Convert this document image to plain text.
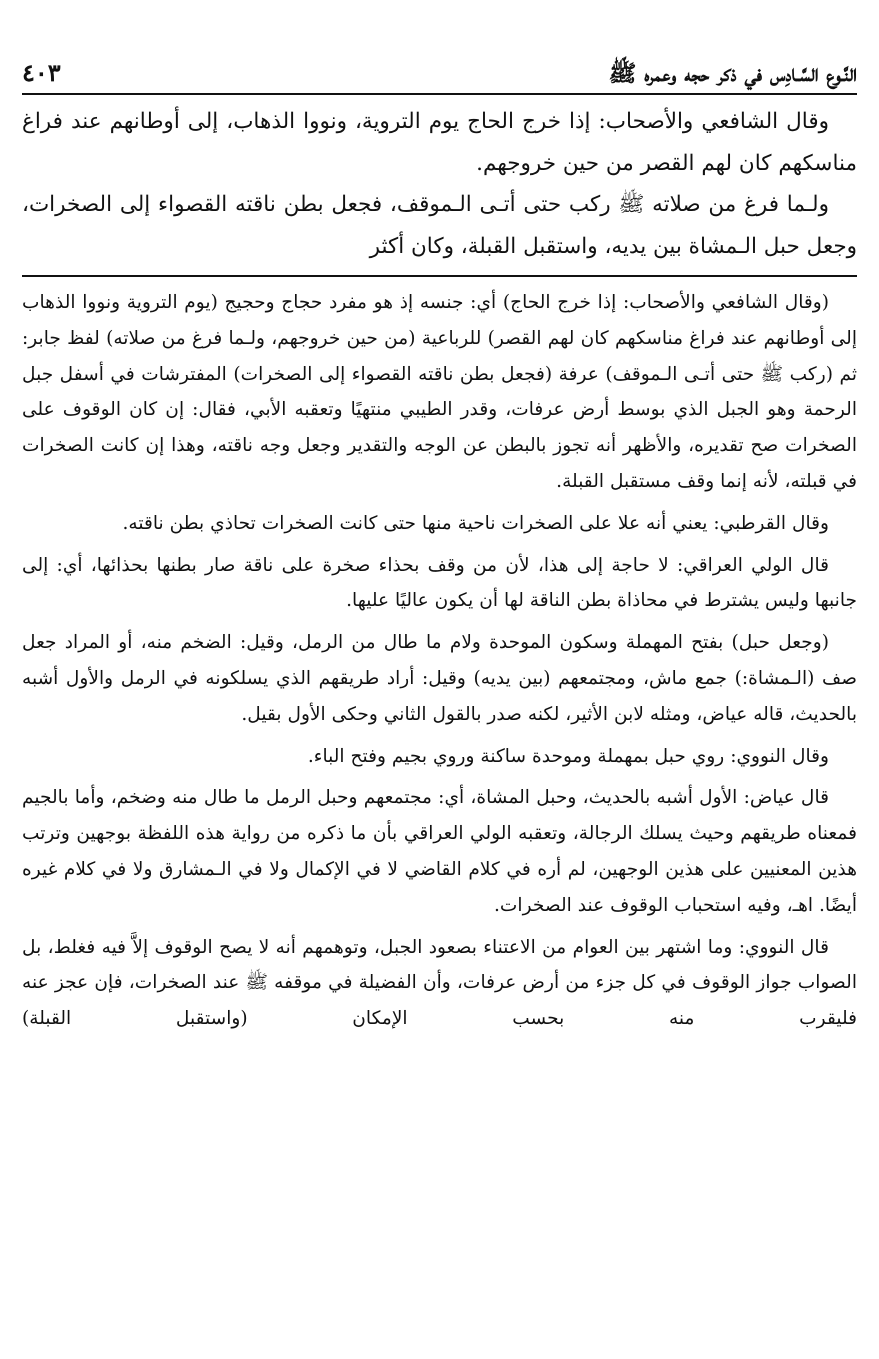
النَّـوع السَّـادِس في ذكر حجه وعمره ﷺ
٤٠٣

وقال الشافعي والأصحاب: إذا خرج الحاج يوم التروية، ونووا الذهاب، إلى أوطانهم عند فراغ مناسكهم كان لهم القصر من حين خروجهم.

ولـما فرغ من صلاته ﷺ ركب حتى أتـى الـموقف، فجعل بطن ناقته القصواء إلى الصخرات، وجعل حبل الـمشاة بين يديه، واستقبل القبلة، وكان أكثر

(وقال الشافعي والأصحاب: إذا خرج الحاج) أي: جنسه إذ هو مفرد حجاج وحجيج (يوم التروية ونووا الذهاب إلى أوطانهم عند فراغ مناسكهم كان لهم القصر) للرباعية (من حين خروجهم، ولـما فرغ من صلاته) لفظ جابر: ثم (ركب ﷺ حتى أتـى الـموقف) عرفة (فجعل بطن ناقته القصواء إلى الصخرات) المفترشات في أسفل جبل الرحمة وهو الجبل الذي بوسط أرض عرفات، وقدر الطيبي منتهيًا وتعقبه الأبي، فقال: إن كان الوقوف على الصخرات صح تقديره، والأظهر أنه تجوز بالبطن عن الوجه والتقدير وجعل وجه ناقته، وهذا إن كانت الصخرات في قبلته، لأنه إنما وقف مستقبل القبلة.

وقال القرطبي: يعني أنه علا على الصخرات ناحية منها حتى كانت الصخرات تحاذي بطن ناقته.

قال الولي العراقي: لا حاجة إلى هذا، لأن من وقف بحذاء صخرة على ناقة صار بطنها بحذائها، أي: إلى جانبها وليس يشترط في محاذاة بطن الناقة لها أن يكون عاليًا عليها.

(وجعل حبل) بفتح المهملة وسكون الموحدة ولام ما طال من الرمل، وقيل: الضخم منه، أو المراد جعل صف (الـمشاة:) جمع ماش، ومجتمعهم (بين يديه) وقيل: أراد طريقهم الذي يسلكونه في الرمل والأول أشبه بالحديث، قاله عياض، ومثله لابن الأثير، لكنه صدر بالقول الثاني وحكى الأول بقيل.

وقال النووي: روي حبل بمهملة وموحدة ساكنة وروي بجيم وفتح الباء.

قال عياض: الأول أشبه بالحديث، وحبل المشاة، أي: مجتمعهم وحبل الرمل ما طال منه وضخم، وأما بالجيم فمعناه طريقهم وحيث يسلك الرجالة، وتعقبه الولي العراقي بأن ما ذكره من رواية هذه اللفظة بوجهين وترتب هذين المعنيين على هذين الوجهين، لم أره في كلام القاضي لا في الإكمال ولا في الـمشارق ولا في كلام غيره أيضًا. اهـ، وفيه استحباب الوقوف عند الصخرات.

قال النووي: وما اشتهر بين العوام من الاعتناء بصعود الجبل، وتوهمهم أنه لا يصح الوقوف إلاَّ فيه فغلط، بل الصواب جواز الوقوف في كل جزء من أرض عرفات، وأن الفضيلة في موقفه ﷺ عند الصخرات، فإن عجز عنه فليقرب منه بحسب الإمكان (واستقبل القبلة)
